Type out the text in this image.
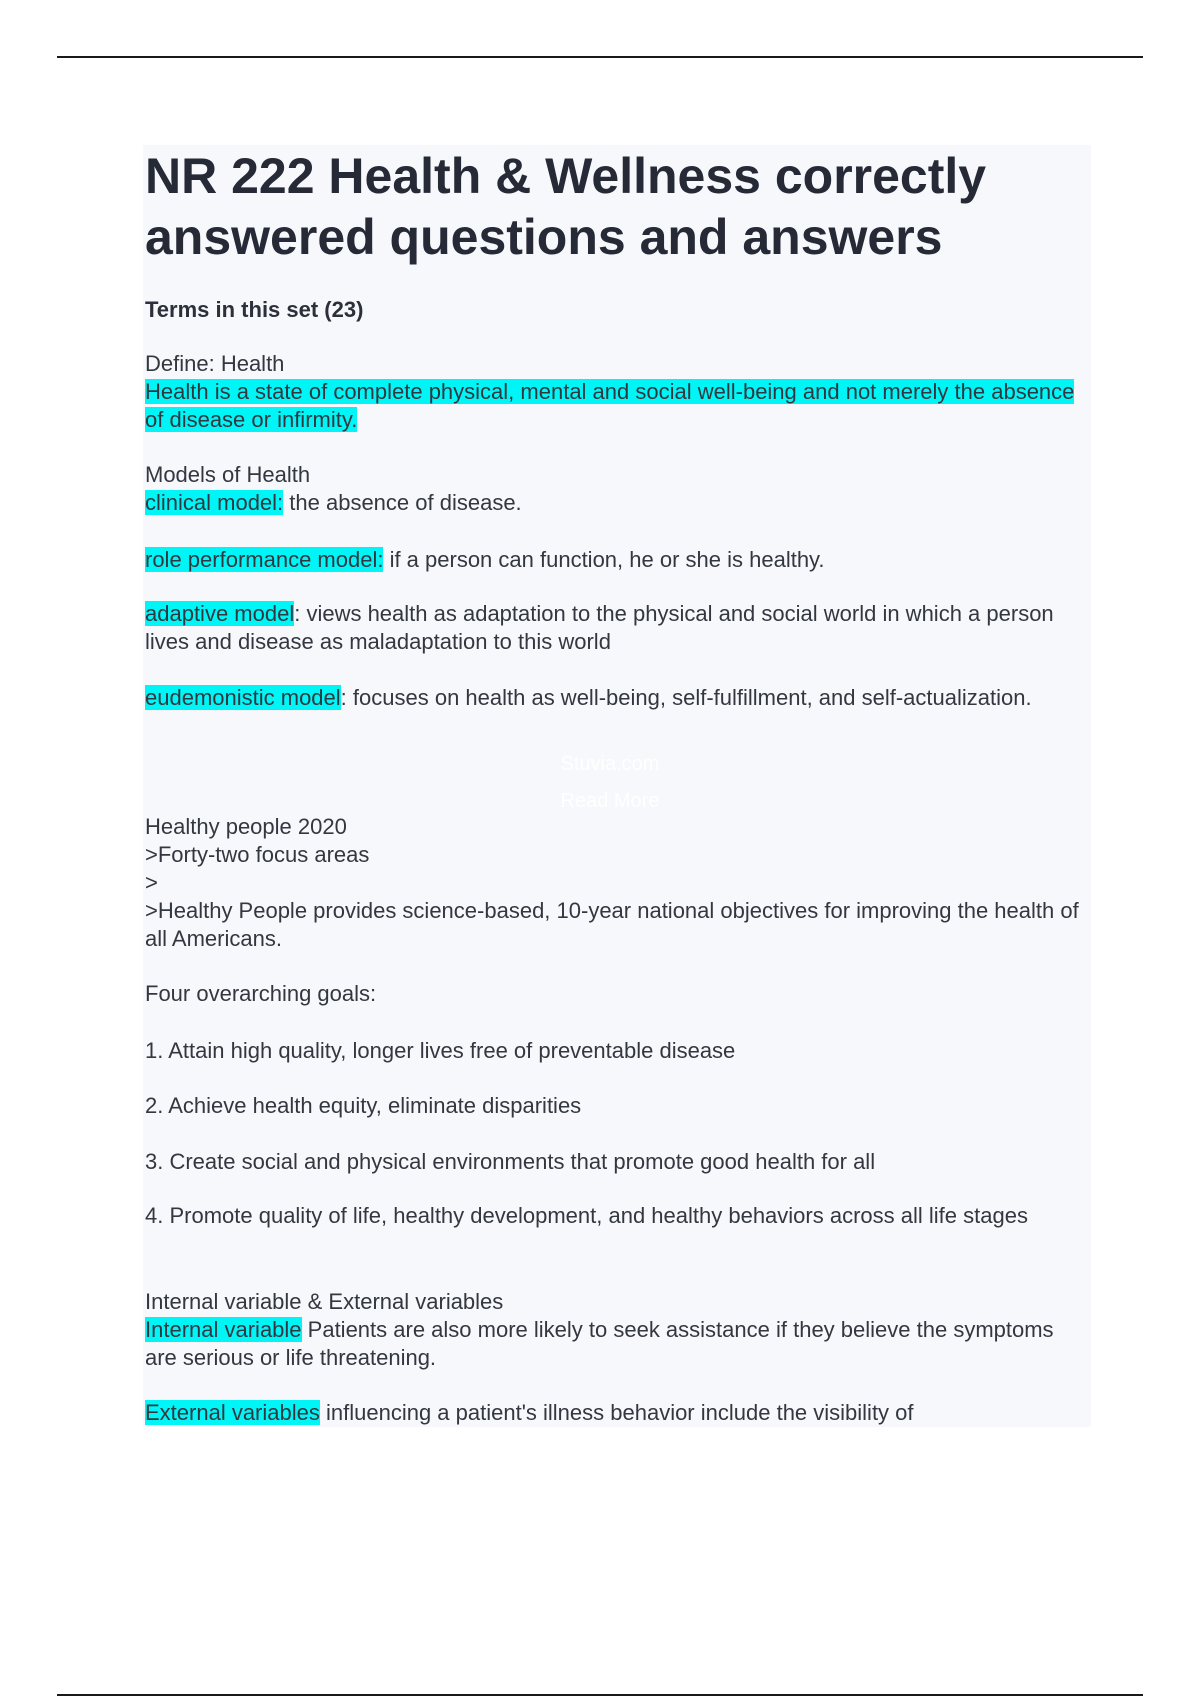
NR 222 Health & Wellness correctly answered questions and answers
Terms in this set (23)
Define: Health
Health is a state of complete physical, mental and social well-being and not merely the absence of disease or infirmity.
Models of Health
clinical model: the absence of disease.
role performance model: if a person can function, he or she is healthy.
adaptive model: views health as adaptation to the physical and social world in which a person lives and disease as maladaptation to this world
eudemonistic model: focuses on health as well-being, self-fulfillment, and self-actualization.
Stuvia.com
Read More
Healthy people 2020
>Forty-two focus areas
>
>Healthy People provides science-based, 10-year national objectives for improving the health of all Americans.
Four overarching goals:
1. Attain high quality, longer lives free of preventable disease
2. Achieve health equity, eliminate disparities
3. Create social and physical environments that promote good health for all
4. Promote quality of life, healthy development, and healthy behaviors across all life stages
Internal variable & External variables
Internal variable Patients are also more likely to seek assistance if they believe the symptoms are serious or life threatening.
External variables influencing a patient's illness behavior include the visibility of
